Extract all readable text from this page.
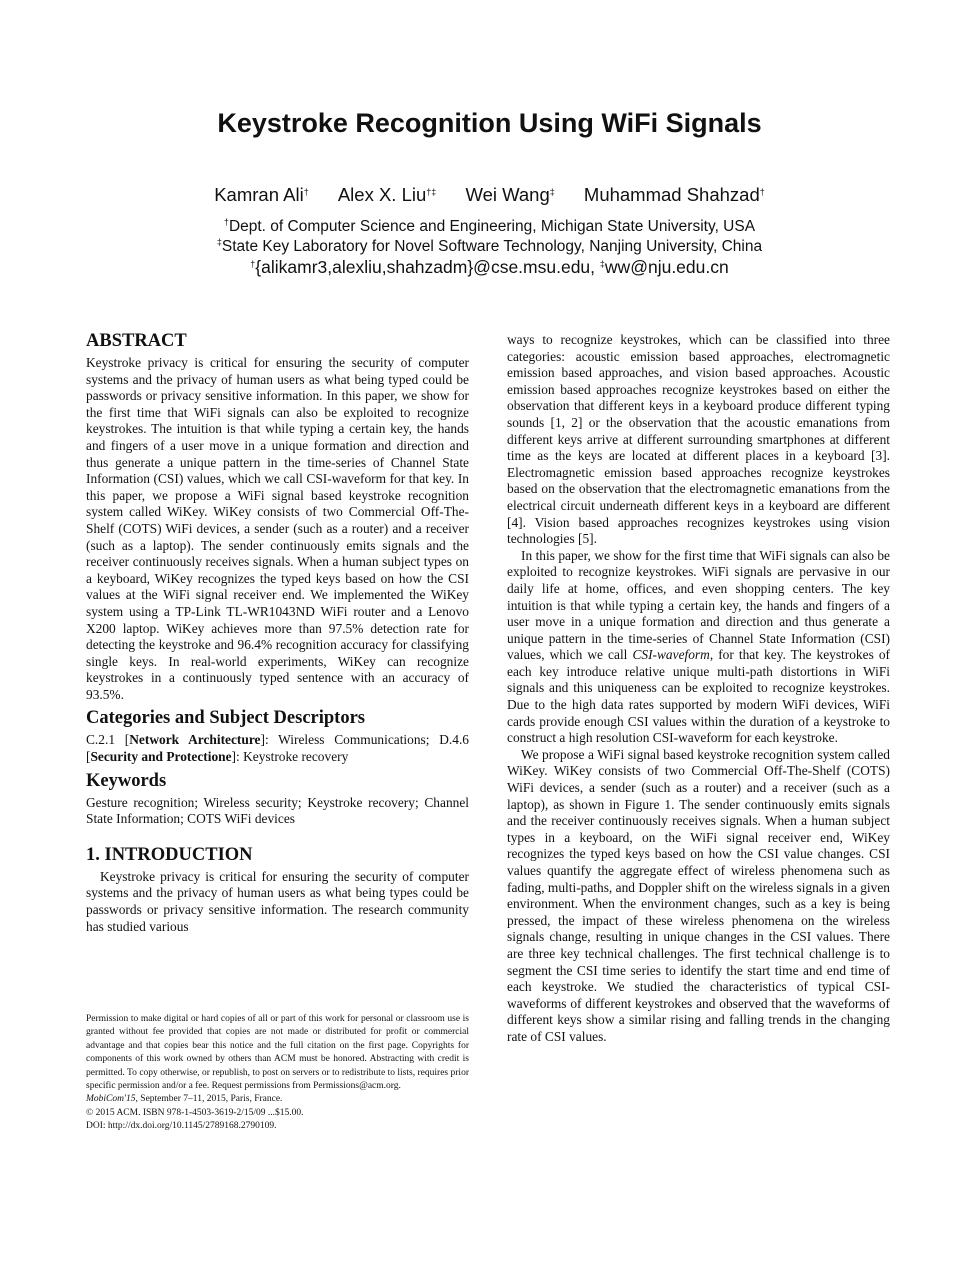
Keystroke Recognition Using WiFi Signals
Kamran Ali† Alex X. Liu†‡ Wei Wang‡ Muhammad Shahzad†
†Dept. of Computer Science and Engineering, Michigan State University, USA
‡State Key Laboratory for Novel Software Technology, Nanjing University, China
†{alikamr3,alexliu,shahzadm}@cse.msu.edu, ‡ww@nju.edu.cn
ABSTRACT

Keystroke privacy is critical for ensuring the security of computer systems and the privacy of human users as what being typed could be passwords or privacy sensitive information. In this paper, we show for the first time that WiFi signals can also be exploited to recognize keystrokes. The intuition is that while typing a certain key, the hands and fingers of a user move in a unique formation and direction and thus generate a unique pattern in the time-series of Channel State Information (CSI) values, which we call CSI-waveform for that key. In this paper, we propose a WiFi signal based keystroke recognition system called WiKey. WiKey consists of two Commercial Off-The-Shelf (COTS) WiFi devices, a sender (such as a router) and a receiver (such as a laptop). The sender continuously emits signals and the receiver continuously receives signals. When a human subject types on a keyboard, WiKey recognizes the typed keys based on how the CSI values at the WiFi signal receiver end. We implemented the WiKey system using a TP-Link TL-WR1043ND WiFi router and a Lenovo X200 laptop. WiKey achieves more than 97.5% detection rate for detecting the keystroke and 96.4% recognition accuracy for classifying single keys. In real-world experiments, WiKey can recognize keystrokes in a continuously typed sentence with an accuracy of 93.5%.

Categories and Subject Descriptors

C.2.1 [Network Architecture]: Wireless Communications; D.4.6 [Security and Protectione]: Keystroke recovery

Keywords

Gesture recognition; Wireless security; Keystroke recovery; Channel State Information; COTS WiFi devices

1. INTRODUCTION

Keystroke privacy is critical for ensuring the security of computer systems and the privacy of human users as what being types could be passwords or privacy sensitive information. The research community has studied various

Permission to make digital or hard copies of all or part of this work for personal or classroom use is granted without fee provided that copies are not made or distributed for profit or commercial advantage and that copies bear this notice and the full citation on the first page. Copyrights for components of this work owned by others than ACM must be honored. Abstracting with credit is permitted. To copy otherwise, or republish, to post on servers or to redistribute to lists, requires prior specific permission and/or a fee. Request permissions from Permissions@acm.org.

MobiCom'15, September 7–11, 2015, Paris, France.

© 2015 ACM. ISBN 978-1-4503-3619-2/15/09 ...$15.00.

DOI: http://dx.doi.org/10.1145/2789168.2790109.

ways to recognize keystrokes, which can be classified into three categories: acoustic emission based approaches, electromagnetic emission based approaches, and vision based approaches. Acoustic emission based approaches recognize keystrokes based on either the observation that different keys in a keyboard produce different typing sounds [1, 2] or the observation that the acoustic emanations from different keys arrive at different surrounding smartphones at different time as the keys are located at different places in a keyboard [3]. Electromagnetic emission based approaches recognize keystrokes based on the observation that the electromagnetic emanations from the electrical circuit underneath different keys in a keyboard are different [4]. Vision based approaches recognizes keystrokes using vision technologies [5].

In this paper, we show for the first time that WiFi signals can also be exploited to recognize keystrokes. WiFi signals are pervasive in our daily life at home, offices, and even shopping centers. The key intuition is that while typing a certain key, the hands and fingers of a user move in a unique formation and direction and thus generate a unique pattern in the time-series of Channel State Information (CSI) values, which we call CSI-waveform, for that key. The keystrokes of each key introduce relative unique multi-path distortions in WiFi signals and this uniqueness can be exploited to recognize keystrokes. Due to the high data rates supported by modern WiFi devices, WiFi cards provide enough CSI values within the duration of a keystroke to construct a high resolution CSI-waveform for each keystroke.

We propose a WiFi signal based keystroke recognition system called WiKey. WiKey consists of two Commercial Off-The-Shelf (COTS) WiFi devices, a sender (such as a router) and a receiver (such as a laptop), as shown in Figure 1. The sender continuously emits signals and the receiver continuously receives signals. When a human subject types in a keyboard, on the WiFi signal receiver end, WiKey recognizes the typed keys based on how the CSI value changes. CSI values quantify the aggregate effect of wireless phenomena such as fading, multi-paths, and Doppler shift on the wireless signals in a given environment. When the environment changes, such as a key is being pressed, the impact of these wireless phenomena on the wireless signals change, resulting in unique changes in the CSI values. There are three key technical challenges. The first technical challenge is to segment the CSI time series to identify the start time and end time of each keystroke. We studied the characteristics of typical CSI-waveforms of different keystrokes and observed that the waveforms of different keys show a similar rising and falling trends in the changing rate of CSI values.
